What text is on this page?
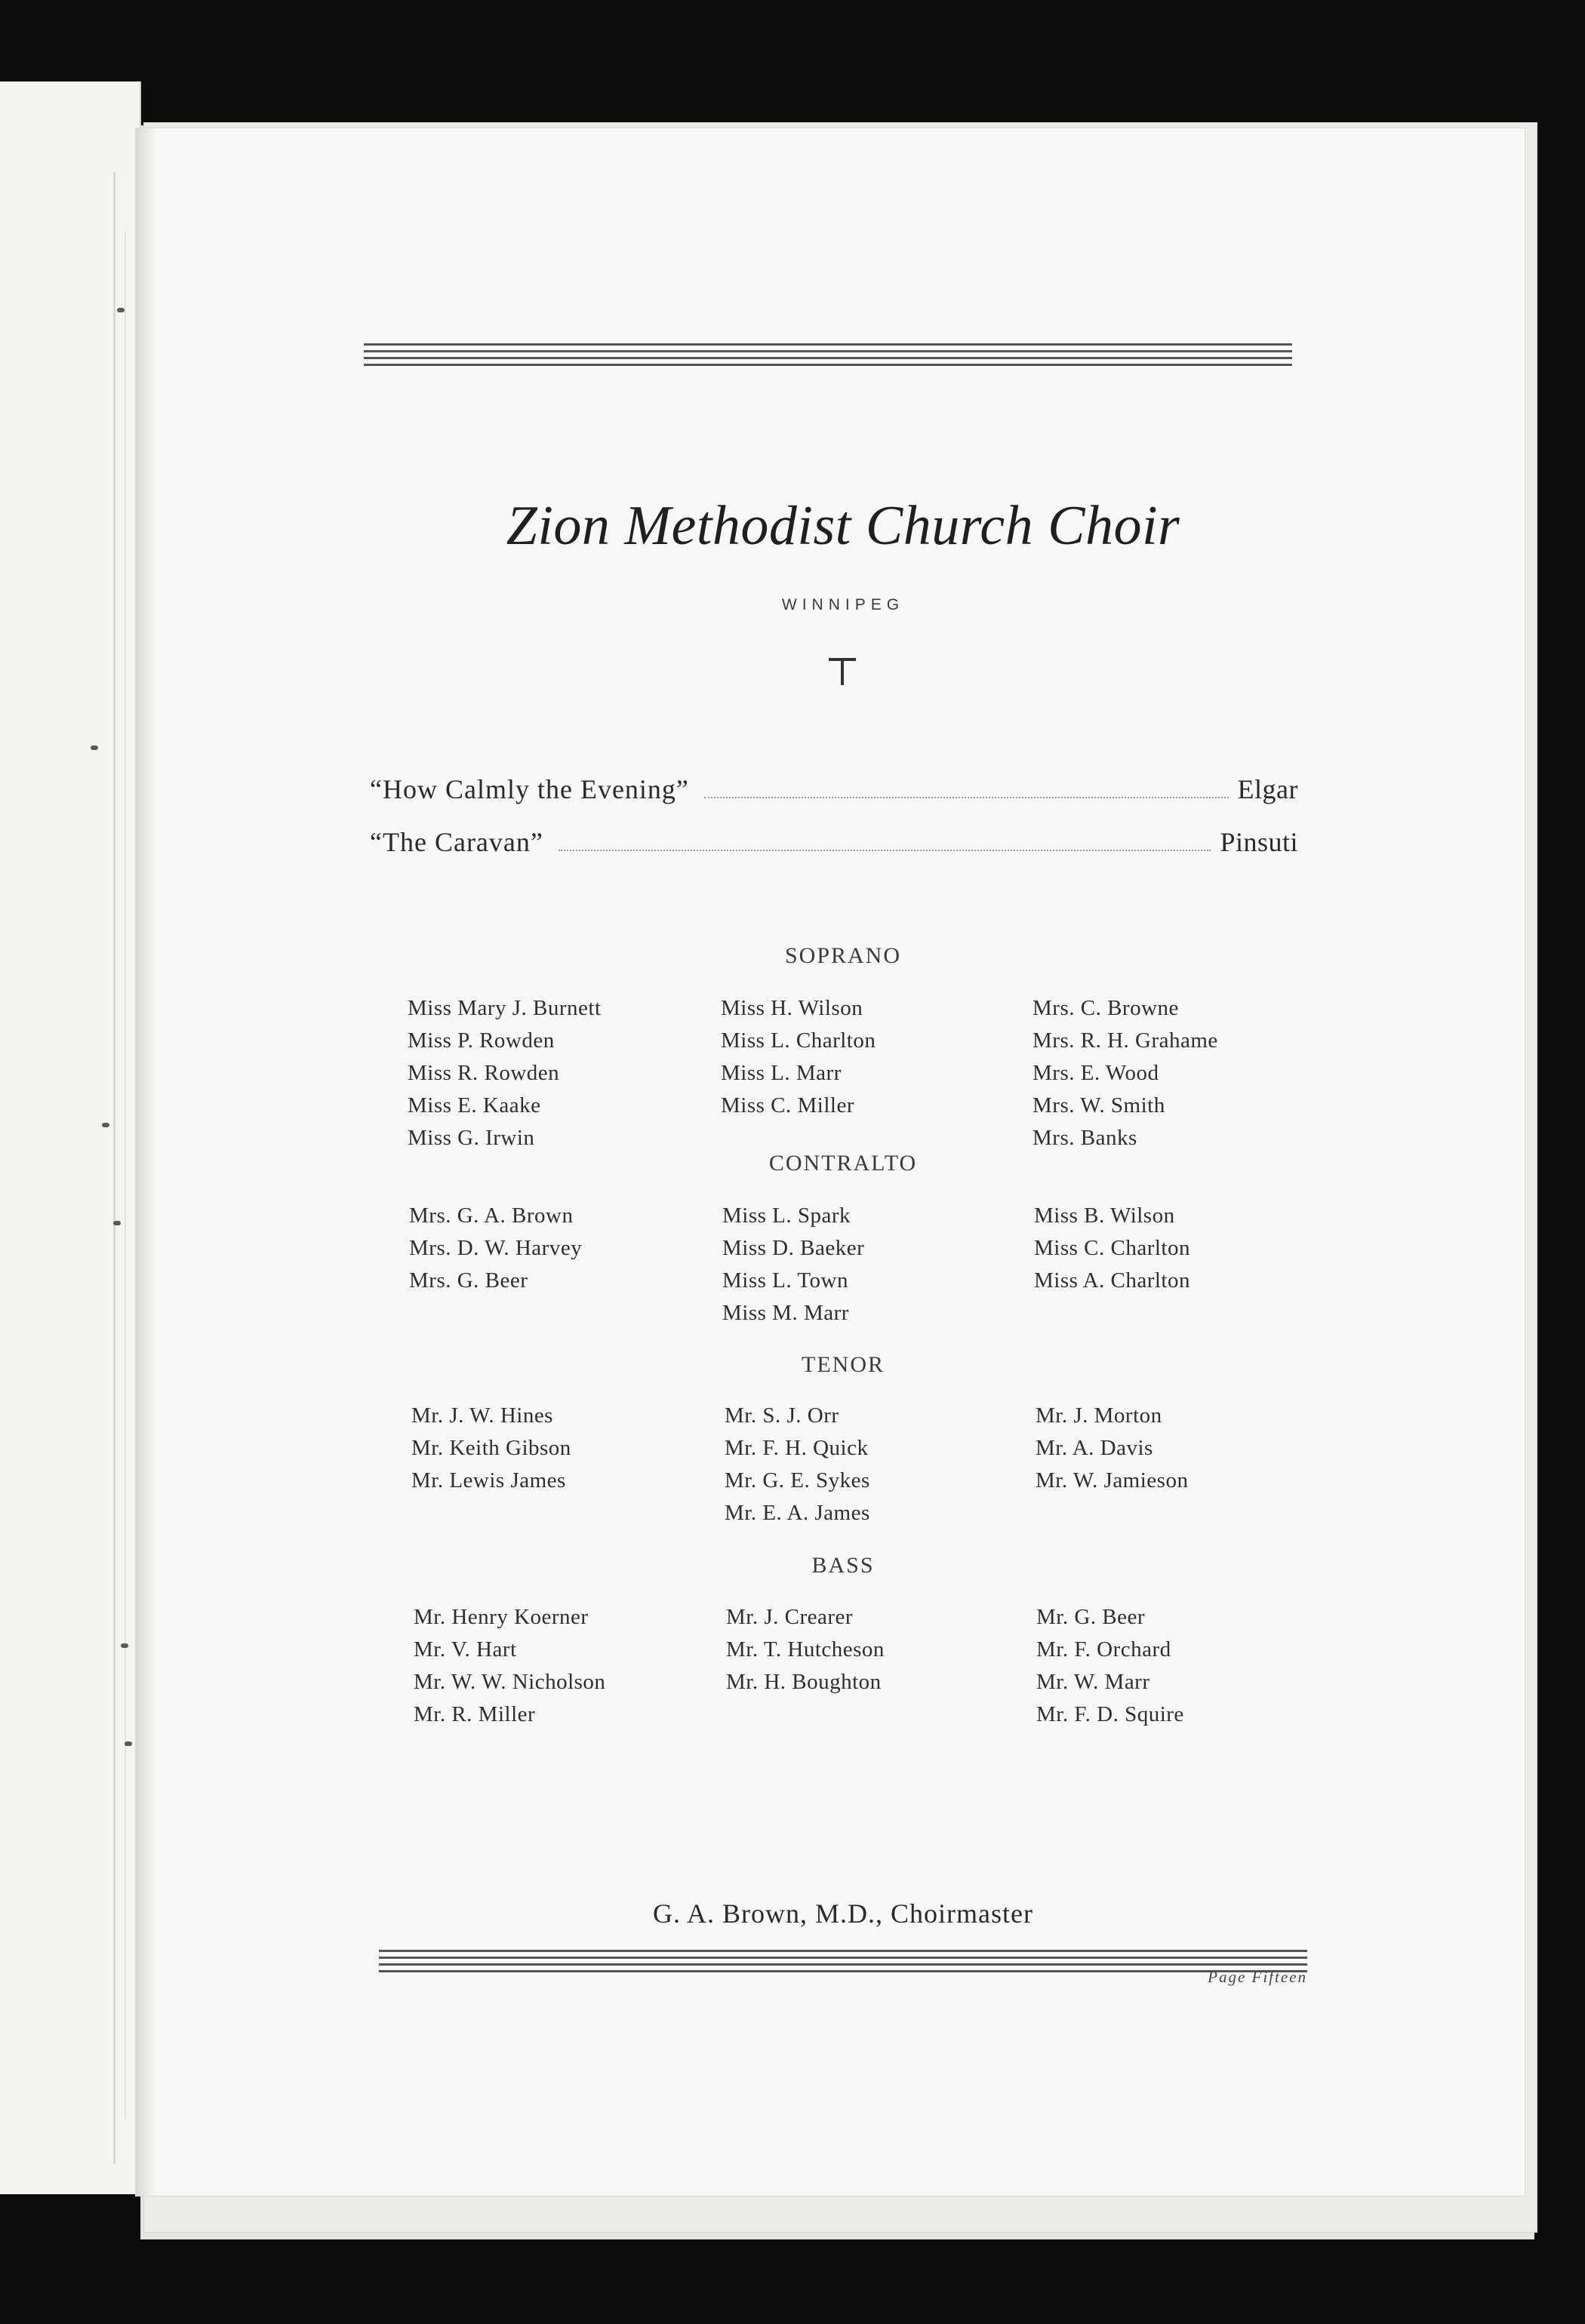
Zion Methodist Church Choir
WINNIPEG
“How Calmly the Evening”	Elgar
“The Caravan”	Pinsuti
SOPRANO
Miss Mary J. Burnett
Miss P. Rowden
Miss R. Rowden
Miss E. Kaake
Miss G. Irwin
Miss H. Wilson
Miss L. Charlton
Miss L. Marr
Miss C. Miller
Mrs. C. Browne
Mrs. R. H. Grahame
Mrs. E. Wood
Mrs. W. Smith
Mrs. Banks
CONTRALTO
Mrs. G. A. Brown
Mrs. D. W. Harvey
Mrs. G. Beer
Miss L. Spark
Miss D. Baeker
Miss L. Town
Miss M. Marr
Miss B. Wilson
Miss C. Charlton
Miss A. Charlton
TENOR
Mr. J. W. Hines
Mr. Keith Gibson
Mr. Lewis James
Mr. S. J. Orr
Mr. F. H. Quick
Mr. G. E. Sykes
Mr. E. A. James
Mr. J. Morton
Mr. A. Davis
Mr. W. Jamieson
BASS
Mr. Henry Koerner
Mr. V. Hart
Mr. W. W. Nicholson
Mr. R. Miller
Mr. J. Crearer
Mr. T. Hutcheson
Mr. H. Boughton
Mr. G. Beer
Mr. F. Orchard
Mr. W. Marr
Mr. F. D. Squire
G. A. Brown, M.D., Choirmaster
Page Fifteen
